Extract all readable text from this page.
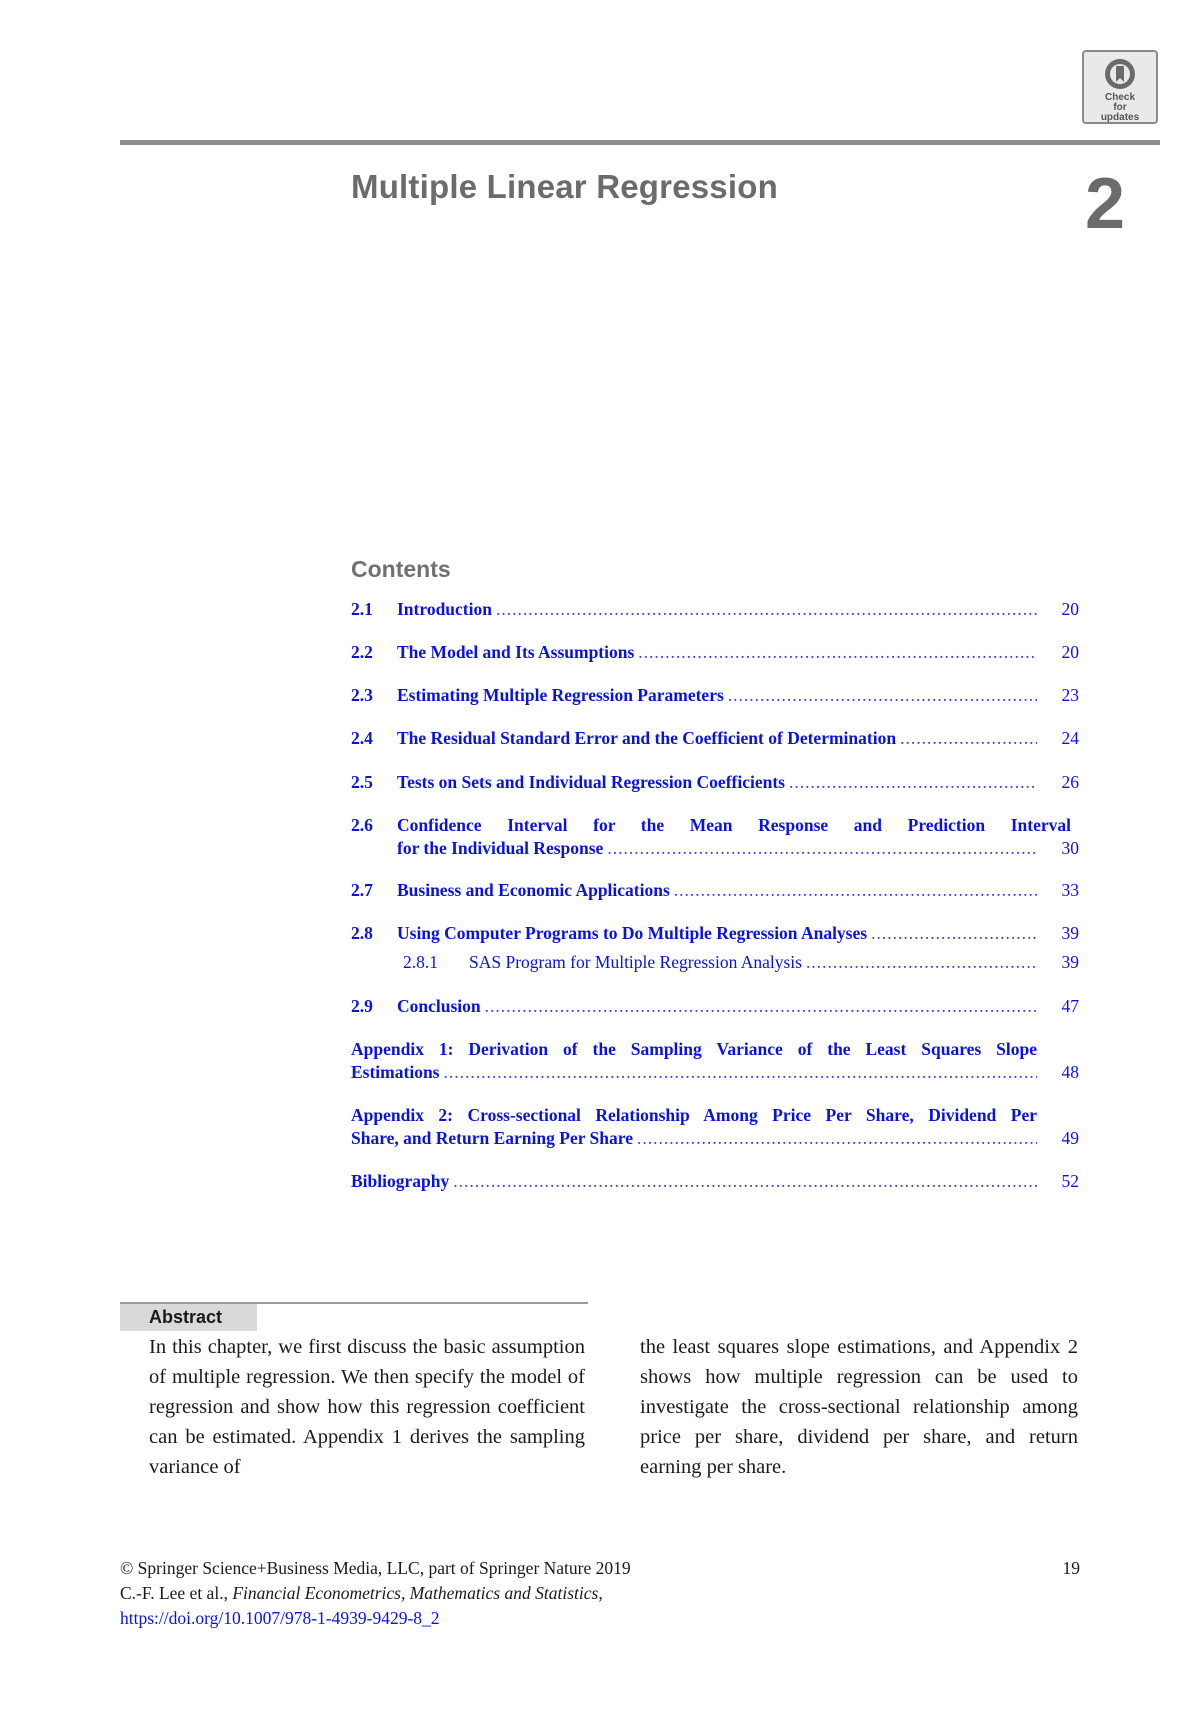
Check for updates
Multiple Linear Regression	2
Contents
2.1	Introduction .....	20
2.2	The Model and Its Assumptions .....	20
2.3	Estimating Multiple Regression Parameters .....	23
2.4	The Residual Standard Error and the Coefficient of Determination .....	24
2.5	Tests on Sets and Individual Regression Coefficients .....	26
2.6	Confidence Interval for the Mean Response and Prediction Interval
for the Individual Response .....	30
2.7	Business and Economic Applications .....	33
2.8	Using Computer Programs to Do Multiple Regression Analyses .....	39
2.8.1	SAS Program for Multiple Regression Analysis .....	39
2.9	Conclusion .....	47
Appendix 1: Derivation of the Sampling Variance of the Least Squares Slope
Estimations .....	48
Appendix 2: Cross-sectional Relationship Among Price Per Share, Dividend Per
Share, and Return Earning Per Share .....	49
Bibliography .....	52
Abstract
In this chapter, we first discuss the basic assumption of multiple regression. We then specify the model of regression and show how this regression coefficient can be estimated. Appendix 1 derives the sampling variance of
the least squares slope estimations, and Appendix 2 shows how multiple regression can be used to investigate the cross-sectional relationship among price per share, dividend per share, and return earning per share.
© Springer Science+Business Media, LLC, part of Springer Nature 2019
C.-F. Lee et al., Financial Econometrics, Mathematics and Statistics,
https://doi.org/10.1007/978-1-4939-9429-8_2
19
